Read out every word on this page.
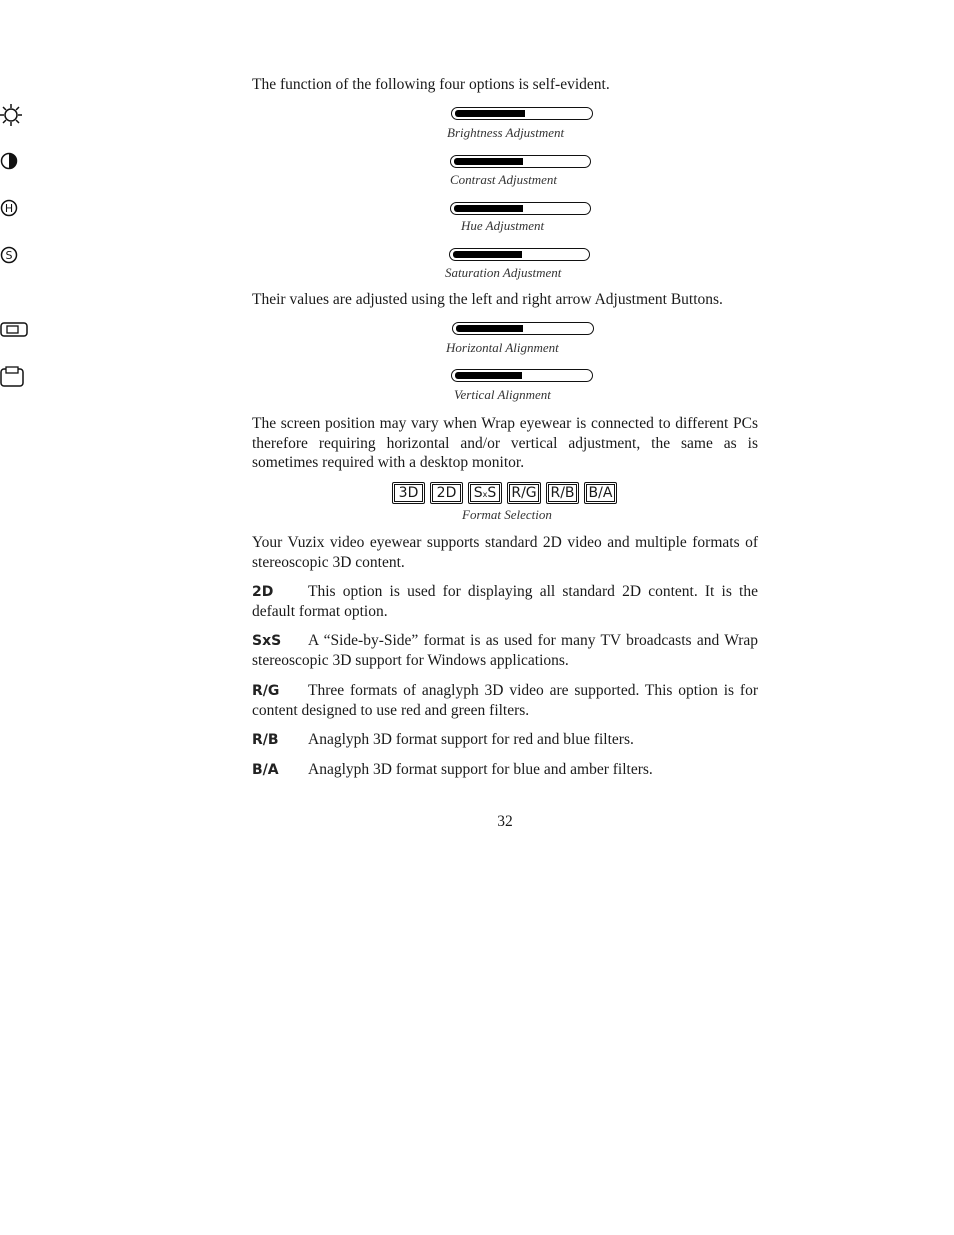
The function of the following four options is self-evident.

Brightness Adjustment
Contrast Adjustment
H
Hue Adjustment
S
Saturation Adjustment

Their values are adjusted using the left and right arrow Adjustment Buttons.

Horizontal Alignment
Vertical Alignment

The screen position may vary when Wrap eyewear is connected to different PCs therefore requiring horizontal and/or vertical adjustment, the same as is sometimes required with a desktop monitor.

3D	2D	SxS R/G R/B B/A
Format Selection

Your Vuzix video eyewear supports standard 2D video and multiple formats of stereoscopic 3D content.

2D	This option is used for displaying all standard 2D content. It is the default format option.

SxS	A “Side-by-Side” format is as used for many TV broadcasts and Wrap stereoscopic 3D support for Windows applications.

R/G	Three formats of anaglyph 3D video are supported. This option is for content designed to use red and green filters.

R/B	Anaglyph 3D format support for red and blue filters.

B/A	Anaglyph 3D format support for blue and amber filters.

32
